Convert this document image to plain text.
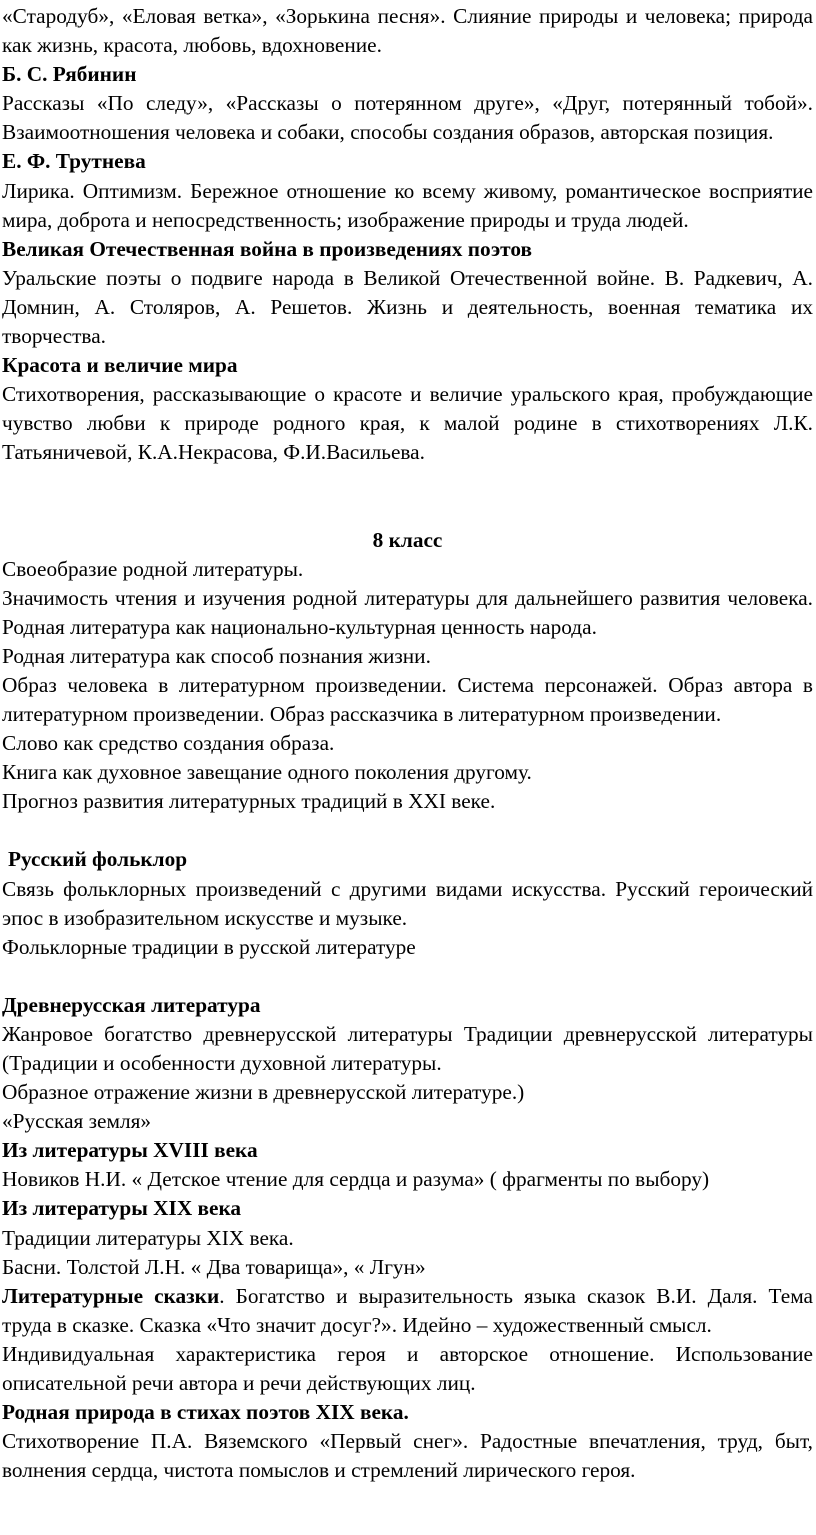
«Стародуб», «Еловая ветка», «Зорькина песня». Слияние природы и человека; природа как жизнь, красота, любовь, вдохновение.

Б. С. Рябинин

Рассказы «По следу», «Рассказы о потерянном друге», «Друг, потерянный тобой». Взаимоотношения человека и собаки, способы создания образов, авторская позиция.

Е. Ф. Трутнева

Лирика. Оптимизм. Бережное отношение ко всему живому, романтическое восприятие мира, доброта и непосредственность; изображение природы и труда людей.

Великая Отечественная война в произведениях поэтов

Уральские поэты о подвиге народа в Великой Отечественной войне. В. Радкевич, А. Домнин, А. Столяров, А. Решетов. Жизнь и деятельность, военная тематика их творчества.

Красота и величие мира

Стихотворения, рассказывающие о красоте и величие уральского края, пробуждающие чувство любви к природе родного края, к малой родине в стихотворениях Л.К. Татьяничевой, К.А.Некрасова, Ф.И.Васильева.

8 класс

Своеобразие родной литературы.

Значимость чтения и изучения родной литературы для дальнейшего развития человека. Родная литература как национально-культурная ценность народа.

Родная литература как способ познания жизни.

Образ человека в литературном произведении. Система персонажей. Образ автора в литературном произведении. Образ рассказчика в литературном произведении.

Слово как средство создания образа.

Книга как духовное завещание одного поколения другому.

Прогноз развития литературных традиций в XXI веке.

Русский фольклор

Связь фольклорных произведений с другими видами искусства. Русский героический эпос в изобразительном искусстве и музыке.

Фольклорные традиции в русской литературе

Древнерусская литература

Жанровое богатство древнерусской литературы Традиции древнерусской литературы (Традиции и особенности духовной литературы.

Образное отражение жизни в древнерусской литературе.)

«Русская земля»

Из литературы XVIII века

Новиков Н.И. « Детское чтение для сердца и разума» ( фрагменты по выбору)

Из литературы XIX века

Традиции литературы XIX века.

Басни. Толстой Л.Н. « Два товарища», « Лгун»

Литературные сказки. Богатство и выразительность языка сказок В.И. Даля. Тема труда в сказке. Сказка «Что значит досуг?». Идейно – художественный смысл.

Индивидуальная характеристика героя и авторское отношение. Использование описательной речи автора и речи действующих лиц.

Родная природа в стихах поэтов XIX века.

Стихотворение П.А. Вяземского «Первый снег». Радостные впечатления, труд, быт, волнения сердца, чистота помыслов и стремлений лирического героя.
